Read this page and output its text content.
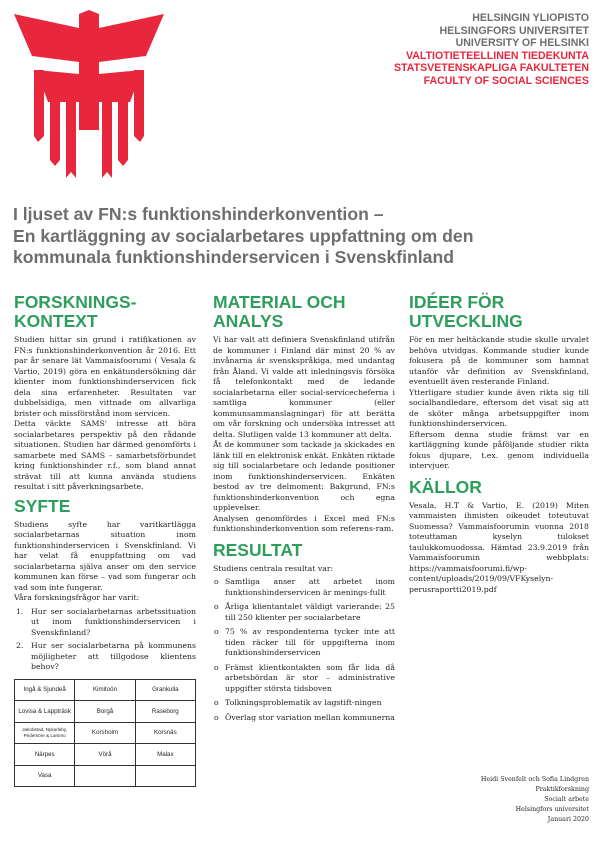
HELSINGIN YLIOPISTO
HELSINGFORS UNIVERSITET
UNIVERSITY OF HELSINKI
VALTIOTIETEELLINEN TIEDEKUNTA
STATSVETENSKAPLIGA FAKULTETEN
FACULTY OF SOCIAL SCIENCES
I ljuset av FN:s funktionshinderkonvention –
En kartläggning av socialarbetares uppfattning om den
kommunala funktionshinderservicen i Svenskfinland
FORSKNINGS-
KONTEXT

Studien hittar sin grund i ratifikationen av FN:s funktionshinderkonvention år 2016. Ett par år senare lät Vammaisfoorumi ( Vesala & Vartio, 2019) göra en enkätundersökning där klienter inom funktionshinderservicen fick dela sina erfarenheter. Resultaten var dubbelsidiga, men vittnade om allvarliga brister och missförstånd inom servicen.

Detta väckte SAMS' intresse att höra socialarbetares perspektiv på den rådande situationen. Studien har därmed genomförts i samarbete med SAMS - samarbetsförbundet kring funktionshinder r.f., som bland annat strävat till att kunna använda studiens resultat i sitt påverkningsarbete.

SYFTE

Studiens syfte har varitkartlägga socialarbetarnas situation inom funktionshinderservicen i Svenskfinland. Vi har velat få enuppfattning om vad socialarbetarna själva anser om den service kommunen kan förse – vad som fungerar och vad som inte fungerar.

Våra forskningsfrågor har varit:

1. Hur ser socialarbetarnas arbetssituation ut inom funktionshinderservicen i Svenskfinland?
2. Hur ser socialarbetarna på kommunens möjligheter att tillgodose klientens behov?
Ingå & Sjundeå	Kimitoön	Grankulla
Lovisa & Lappträsk	Borgå	Raseborg
Jakobstad, Nykarleby, Pedersöre & Larsmo	Korsholm	Korsnäs
Närpes	Vörå	Malax
Vasa		
MATERIAL OCH
ANALYS

Vi har valt att definiera Svenskfinland utifrån de kommuner i Finland där minst 20 % av invånarna är svenskspråkiga, med undantag från Åland. Vi valde att inledningsvis försöka få telefonkontakt med de ledande socialarbetarna eller social-servicecheferna i samtliga kommuner (eller kommunsammanslagningar) för att berätta om vår forskning och undersöka intresset att delta. Slutligen valde 13 kommuner att delta.

Åt de kommuner som tackade ja skickades en länk till en elektronisk enkät. Enkäten riktade sig till socialarbetare och ledande positioner inom funktionshinderservicen. Enkäten bestod av tre delmoment: Bakgrund, FN:s funktionshinderkonvention och egna upplevelser.

Analysen genomfördes i Excel med FN:s funktionshinderkonvention som referens-ram.

RESULTAT

Studiens centrala resultat var:

o Samtliga anser att arbetet inom funktionshinderservicen är menings-fullt
o Årliga klientantalet väldigt varierande: 25 till 250 klienter per socialarbetare
o 75 % av respondenterna tycker inte att tiden räcker till för uppgifterna inom funktionshinderservicen
o Främst klientkontakten som får lida då arbetsbördan är stor – administrative uppgifter största tidsboven
o Tolkningsproblematik av lagstift-ningen
o Överlag stor variation mellan kommunerna
IDÉER FÖR
UTVECKLING

För en mer heltäckande studie skulle urvalet behöva utvidgas. Kommande studier kunde fokusera på de kommuner som hamnat utanför vår definition av Svenskfinland, eventuellt även resterande Finland.

Ytterligare studier kunde även rikta sig till socialhandledare, eftersom det visat sig att de sköter många arbetsuppgifter inom funktionshinderservicen.

Eftersom denna studie främst var en kartläggning kunde påföljande studier rikta fokus djupare, t.ex. genom individuella intervjuer.

KÄLLOR

Vesala, H.T & Vartio, E. (2019) Miten vammaisten ihmisten oikeudet toteutuvat Suomessa? Vammaisfoorumin vuonna 2018 toteuttaman kyselyn tulokset taulukkomuodossa. Hämtad 23.9.2019 från Vammaisfoorumin webbplats: https://vammaisfoorumi.fi/wp-content/uploads/2019/09/VFKyselyn-perusraportti2019.pdf

Heidi Svenfelt och Sofia Lindgren
Praktikforskning
Socialt arbete
Helsingfors universitet
Januari 2020
